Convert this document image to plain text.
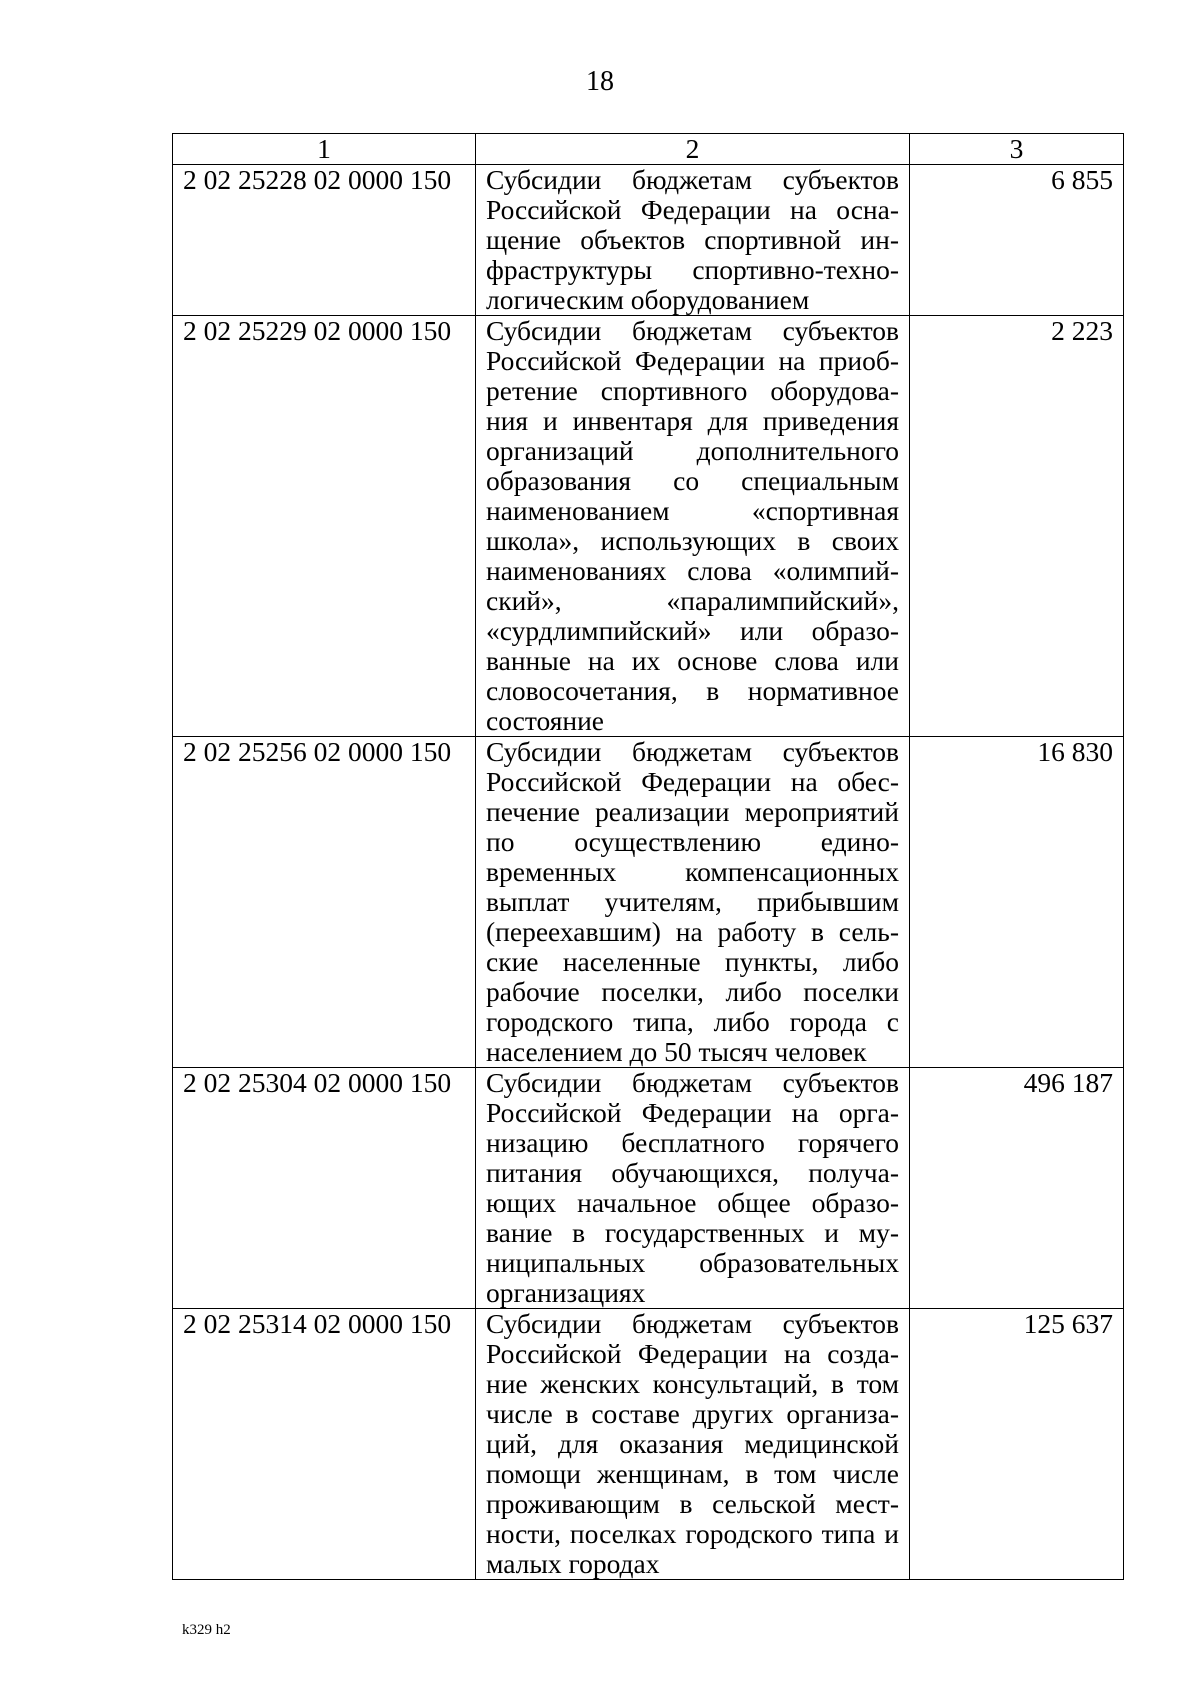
18
1	2	3
2 02 25228 02 0000 150	Субсидии бюджетам субъектов Российской Федерации на оснащение объектов спортивной инфраструктуры спортивно-технологическим оборудованием	6 855
2 02 25229 02 0000 150	Субсидии бюджетам субъектов Российской Федерации на приобретение спортивного оборудования и инвентаря для приведения организаций дополнительного образования со специальным наименованием «спортивная школа», использующих в своих наименованиях слова «олимпийский», «паралимпийский», «сурдлимпийский» или образованные на их основе слова или словосочетания, в нормативное состояние	2 223
2 02 25256 02 0000 150	Субсидии бюджетам субъектов Российской Федерации на обеспечение реализации мероприятий по осуществлению единовременных компенсационных выплат учителям, прибывшим (переехавшим) на работу в сельские населенные пункты, либо рабочие поселки, либо поселки городского типа, либо города с населением до 50 тысяч человек	16 830
2 02 25304 02 0000 150	Субсидии бюджетам субъектов Российской Федерации на организацию бесплатного горячего питания обучающихся, получающих начальное общее образование в государственных и муниципальных образовательных организациях	496 187
2 02 25314 02 0000 150	Субсидии бюджетам субъектов Российской Федерации на создание женских консультаций, в том числе в составе других организаций, для оказания медицинской помощи женщинам, в том числе проживающим в сельской местности, поселках городского типа и малых городах	125 637
k329 h2
